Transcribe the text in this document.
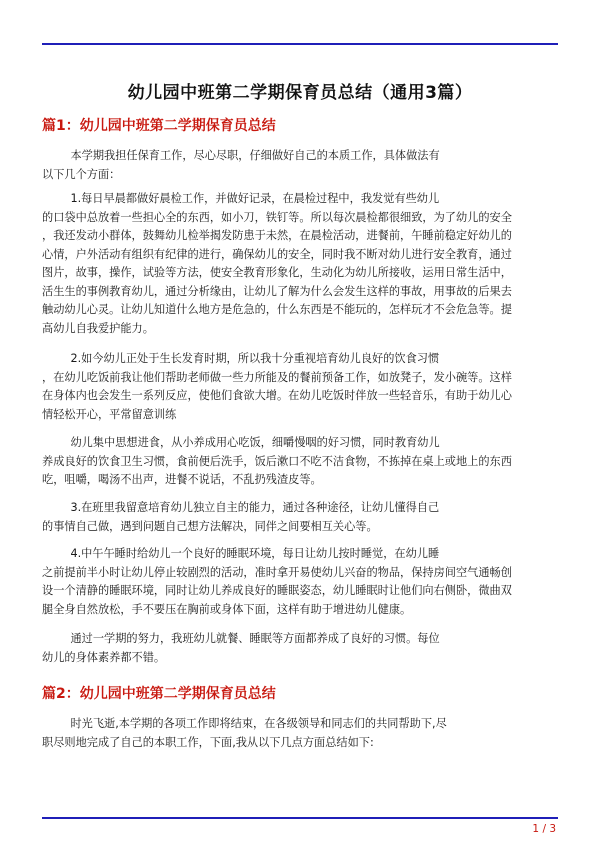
幼儿园中班第二学期保育员总结（通用3篇）
篇1：幼儿园中班第二学期保育员总结
本学期我担任保育工作，尽心尽职，仔细做好自己的本质工作，具体做法有
以下几个方面：
1.每日早晨都做好晨检工作，并做好记录，在晨检过程中，我发觉有些幼儿
的口袋中总放着一些担心全的东西，如小刀，铁钉等。所以每次晨检都很细致，为了幼儿的安全
，我还发动小群体，鼓舞幼儿检举揭发防患于未然，在晨检活动，进餐前，午睡前稳定好幼儿的
心情，户外活动有组织有纪律的进行，确保幼儿的安全，同时我不断对幼儿进行安全教育，通过
图片，故事，操作，试验等方法，使安全教育形象化，生动化为幼儿所接收，运用日常生活中，
活生生的事例教育幼儿，通过分析缘由，让幼儿了解为什么会发生这样的事故，用事故的后果去
触动幼儿心灵。让幼儿知道什么地方是危急的，什么东西是不能玩的，怎样玩才不会危急等。提
高幼儿自我爱护能力。
2.如今幼儿正处于生长发育时期，所以我十分重视培育幼儿良好的饮食习惯
，在幼儿吃饭前我让他们帮助老师做一些力所能及的餐前预备工作，如放凳子，发小碗等。这样
在身体内也会发生一系列反应，使他们食欲大增。在幼儿吃饭时伴放一些轻音乐，有助于幼儿心
情轻松开心，平常留意训练
幼儿集中思想进食，从小养成用心吃饭，细嚼慢咽的好习惯，同时教育幼儿
养成良好的饮食卫生习惯，食前便后洗手，饭后漱口不吃不洁食物，不拣掉在桌上或地上的东西
吃，咀嚼，喝汤不出声，进餐不说话，不乱扔残渣皮等。
3.在班里我留意培育幼儿独立自主的能力，通过各种途径，让幼儿懂得自己
的事情自己做，遇到问题自己想方法解决，同伴之间要相互关心等。
4.中午午睡时给幼儿一个良好的睡眠环境，每日让幼儿按时睡觉，在幼儿睡
之前提前半小时让幼儿停止较剧烈的活动，准时拿开易使幼儿兴奋的物品，保持房间空气通畅创
设一个清静的睡眠环境，同时让幼儿养成良好的睡眠姿态，幼儿睡眠时让他们向右侧卧，微曲双
腿全身自然放松，手不要压在胸前或身体下面，这样有助于增进幼儿健康。
通过一学期的努力，我班幼儿就餐、睡眠等方面都养成了良好的习惯。每位
幼儿的身体素养都不错。
篇2：幼儿园中班第二学期保育员总结
时光飞逝,本学期的各项工作即将结束，在各级领导和同志们的共同帮助下,尽
职尽则地完成了自己的本职工作，下面,我从以下几点方面总结如下:
1 / 3
